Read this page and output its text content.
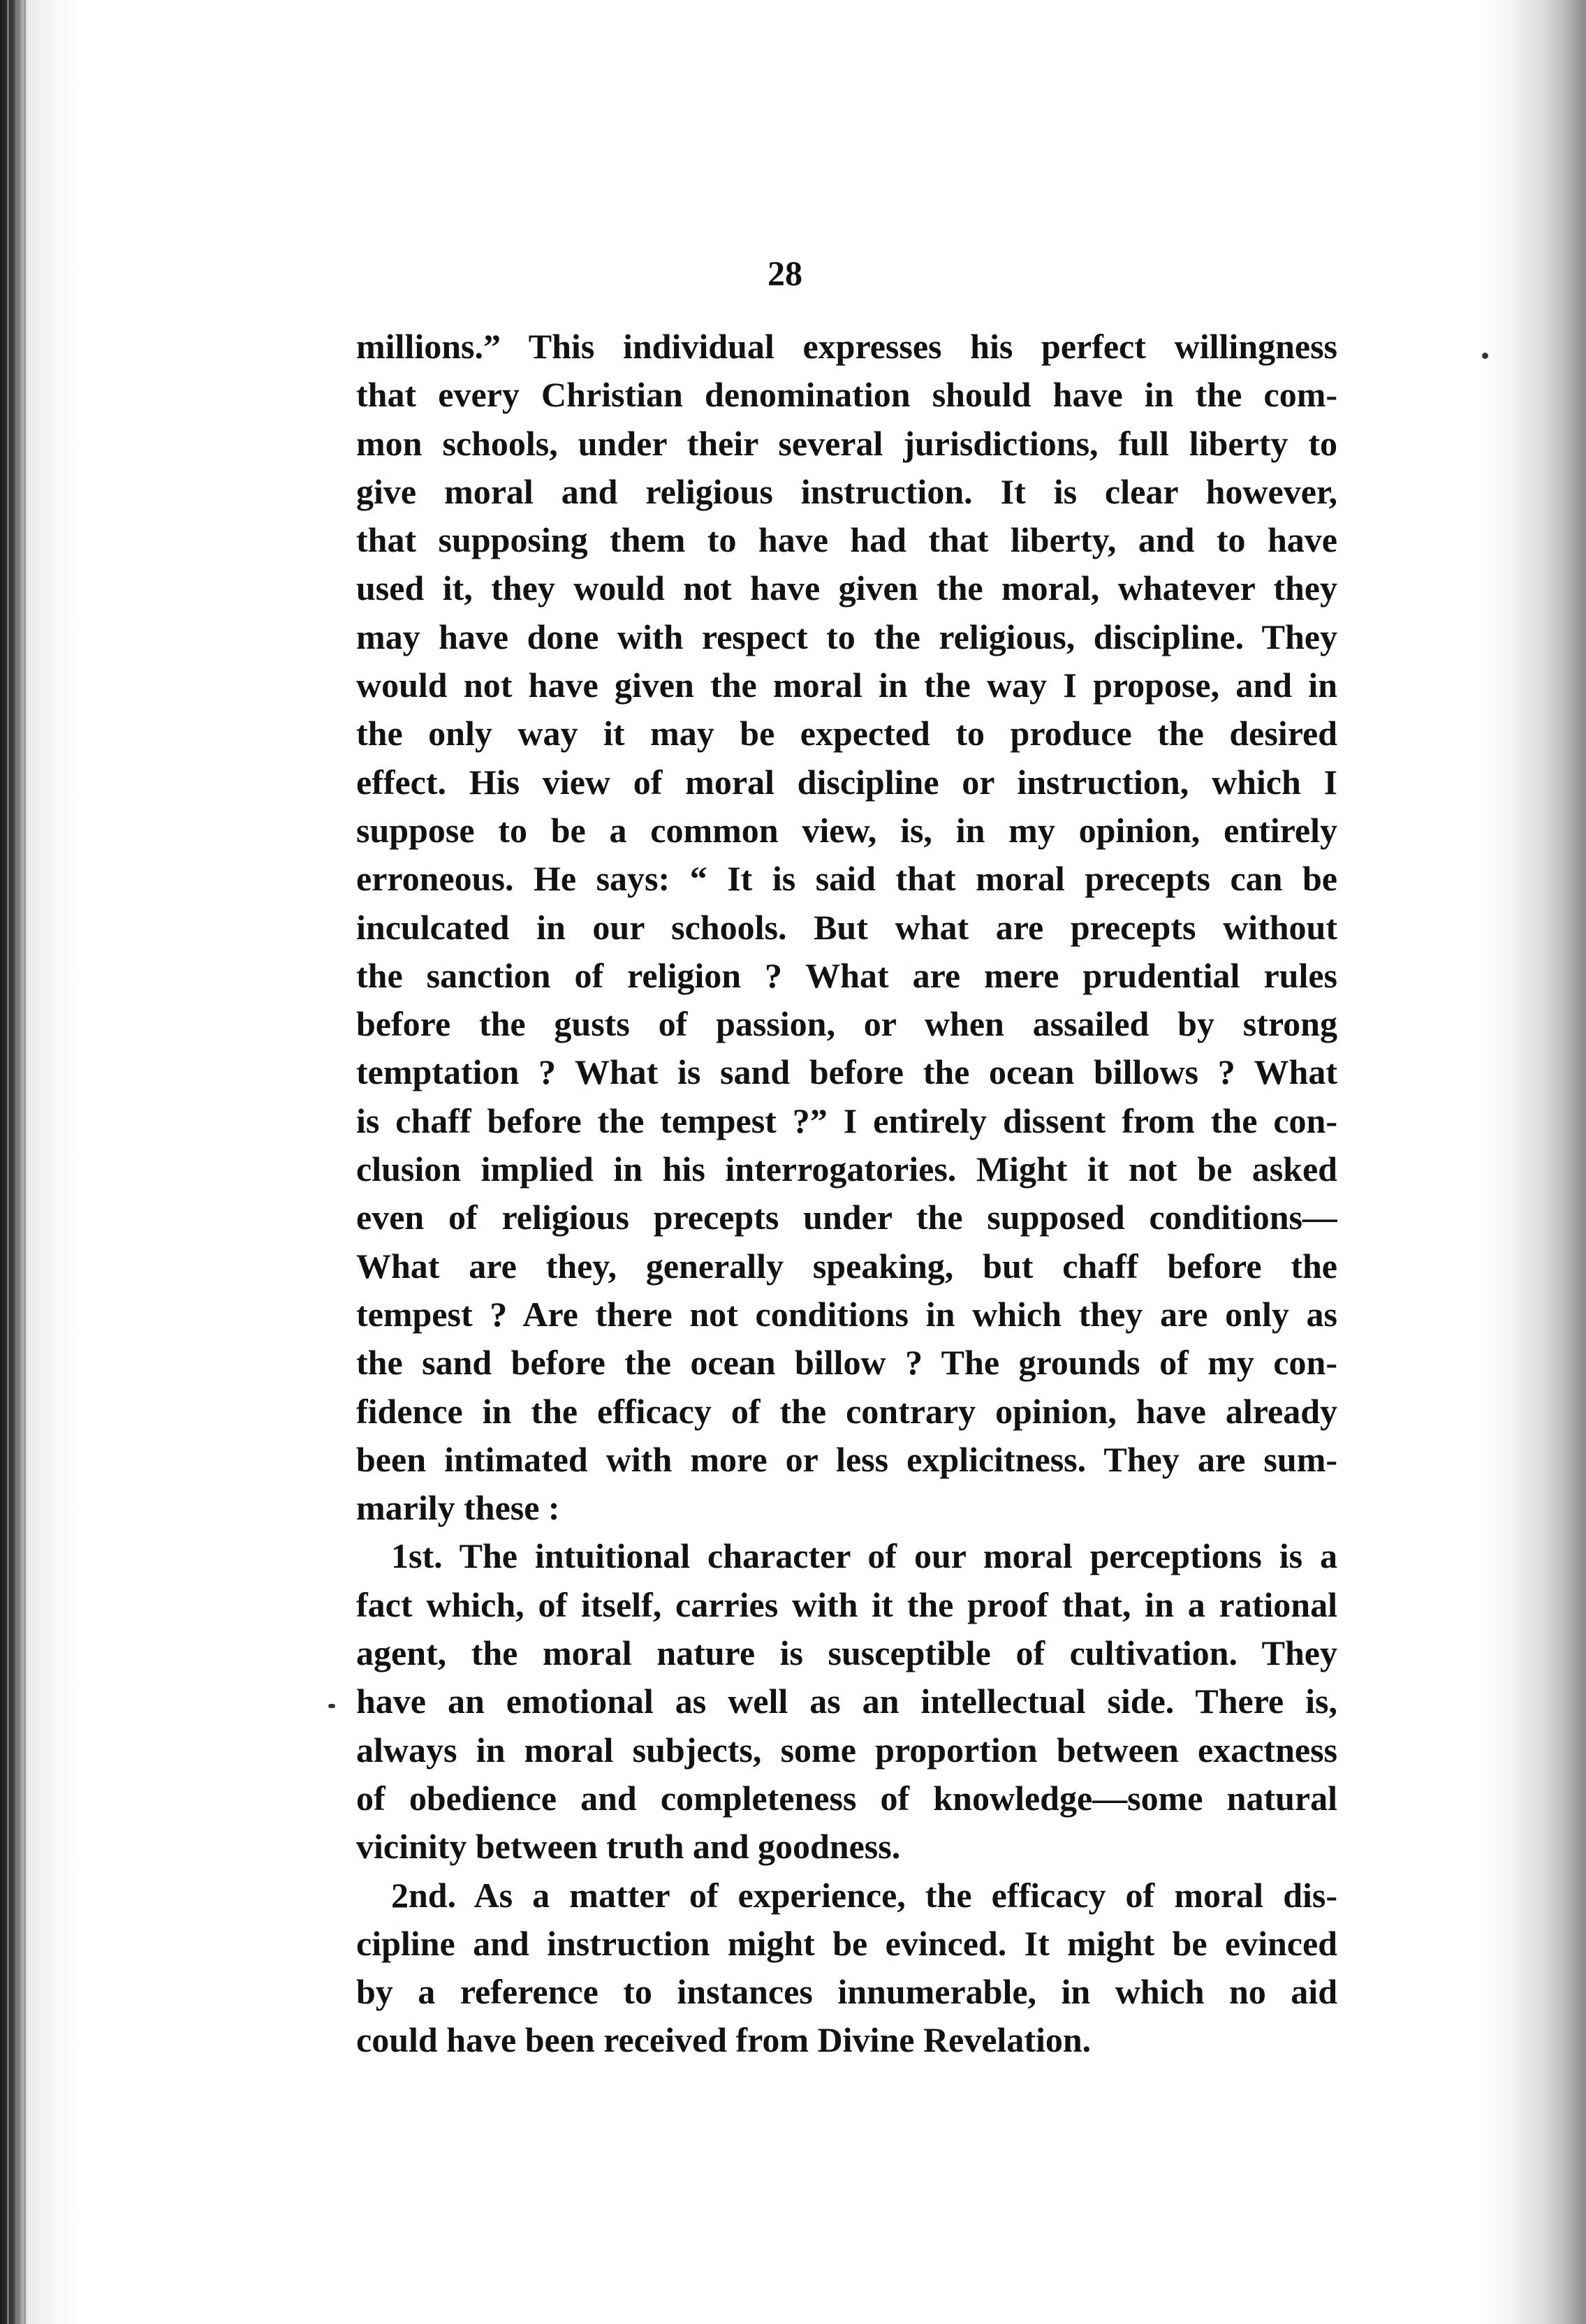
28
millions.” This individual expresses his perfect willingness
that every Christian denomination should have in the com-
mon schools, under their several jurisdictions, full liberty to
give moral and religious instruction. It is clear however,
that supposing them to have had that liberty, and to have
used it, they would not have given the moral, whatever they
may have done with respect to the religious, discipline. They
would not have given the moral in the way I propose, and in
the only way it may be expected to produce the desired
effect. His view of moral discipline or instruction, which I
suppose to be a common view, is, in my opinion, entirely
erroneous. He says: “ It is said that moral precepts can be
inculcated in our schools. But what are precepts without
the sanction of religion ? What are mere prudential rules
before the gusts of passion, or when assailed by strong
temptation ? What is sand before the ocean billows ? What
is chaff before the tempest ?” I entirely dissent from the con-
clusion implied in his interrogatories. Might it not be asked
even of religious precepts under the supposed conditions—
What are they, generally speaking, but chaff before the
tempest ? Are there not conditions in which they are only as
the sand before the ocean billow ? The grounds of my con-
fidence in the efficacy of the contrary opinion, have already
been intimated with more or less explicitness. They are sum-
marily these :
1st. The intuitional character of our moral perceptions is a
fact which, of itself, carries with it the proof that, in a rational
agent, the moral nature is susceptible of cultivation. They
have an emotional as well as an intellectual side. There is,
always in moral subjects, some proportion between exactness
of obedience and completeness of knowledge—some natural
vicinity between truth and goodness.
2nd. As a matter of experience, the efficacy of moral dis-
cipline and instruction might be evinced. It might be evinced
by a reference to instances innumerable, in which no aid
could have been received from Divine Revelation.
